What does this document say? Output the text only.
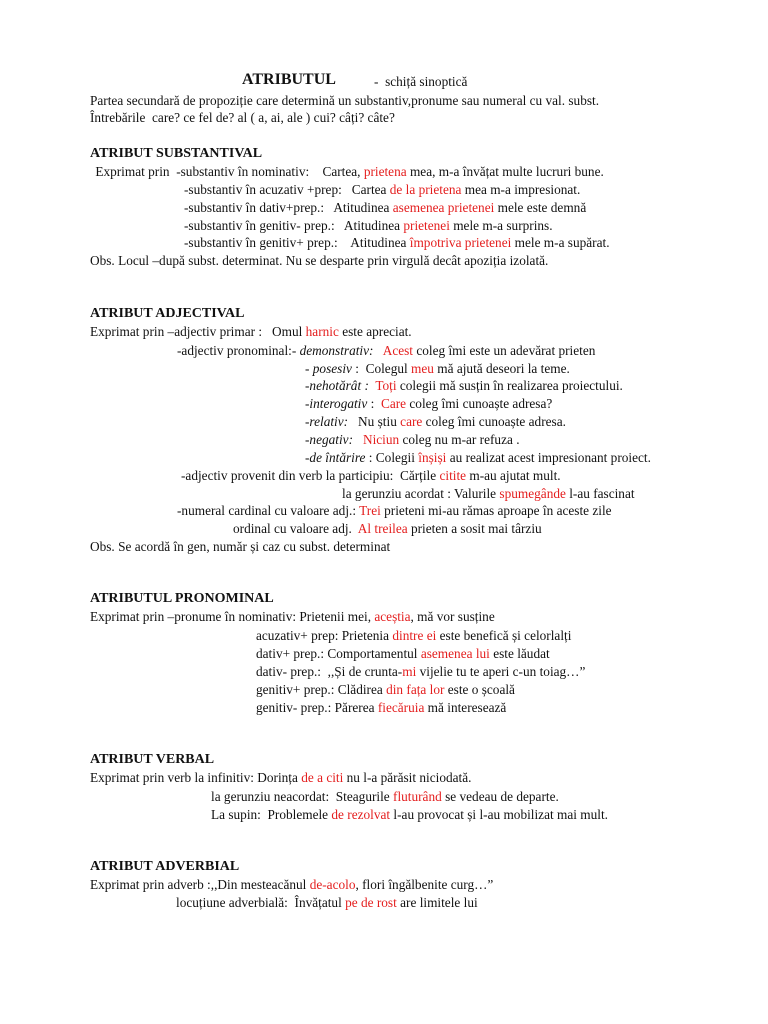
ATRIBUTUL	-  schiță sinoptică
Partea secundară de propoziție care determină un substantiv,pronume sau numeral cu val. subst.
Întrebările  care? ce fel de? al ( a, ai, ale ) cui? câți? câte?
ATRIBUT SUBSTANTIVAL
Exprimat prin  -substantiv în nominativ:    Cartea, prietena mea, m-a învățat multe lucruri bune.
-substantiv în acuzativ +prep:   Cartea de la prietena mea m-a impresionat.
-substantiv în dativ+prep.:   Atitudinea asemenea prietenei mele este demnă
-substantiv în genitiv- prep.:   Atitudinea prietenei mele m-a surprins.
-substantiv în genitiv+ prep.:    Atitudinea împotriva prietenei mele m-a supărat.
Obs. Locul –după subst. determinat. Nu se desparte prin virgulă decât apoziția izolată.
ATRIBUT ADJECTIVAL
Exprimat prin –adjectiv primar :   Omul harnic este apreciat.
-adjectiv pronominal:- demonstrativ: Acest coleg îmi este un adevărat prieten
- posesiv :  Colegul meu mă ajută deseori la teme.
-nehotărât : Toți colegii mă susțin în realizarea proiectului.
-interogativ :  Care coleg îmi cunoaște adresa?
-relativ:   Nu știu care coleg îmi cunoaște adresa.
-negativ: Niciun coleg nu m-ar refuza .
-de întărire : Colegii înșiși au realizat acest impresionant proiect.
-adjectiv provenit din verb la participiu:  Cărțile citite m-au ajutat mult.
la gerunziu acordat : Valurile spumegânde l-au fascinat
-numeral cardinal cu valoare adj.: Trei prieteni mi-au rămas aproape în aceste zile
ordinal cu valoare adj.  Al treilea prieten a sosit mai târziu
Obs. Se acordă în gen, număr și caz cu subst. determinat
ATRIBUTUL PRONOMINAL
Exprimat prin –pronume în nominativ: Prietenii mei, aceștia, mă vor susține
acuzativ+ prep: Prietenia dintre ei este benefică și celorlalți
dativ+ prep.: Comportamentul asemenea lui este lăudat
dativ- prep.:  ,,Și de crunta-mi vijelie tu te aperi c-un toiag…”
genitiv+ prep.: Clădirea din fața lor este o școală
genitiv- prep.: Părerea fiecăruia mă interesează
ATRIBUT VERBAL
Exprimat prin verb la infinitiv: Dorința de a citi nu l-a părăsit niciodată.
la gerunziu neacordat:  Steagurile fluturând se vedeau de departe.
La supin:  Problemele de rezolvat l-au provocat și l-au mobilizat mai mult.
ATRIBUT ADVERBIAL
Exprimat prin adverb :,,Din mesteacănul de-acolo, flori îngălbenite curg…”
locuțiune adverbială:  Învățatul pe de rost are limitele lui
